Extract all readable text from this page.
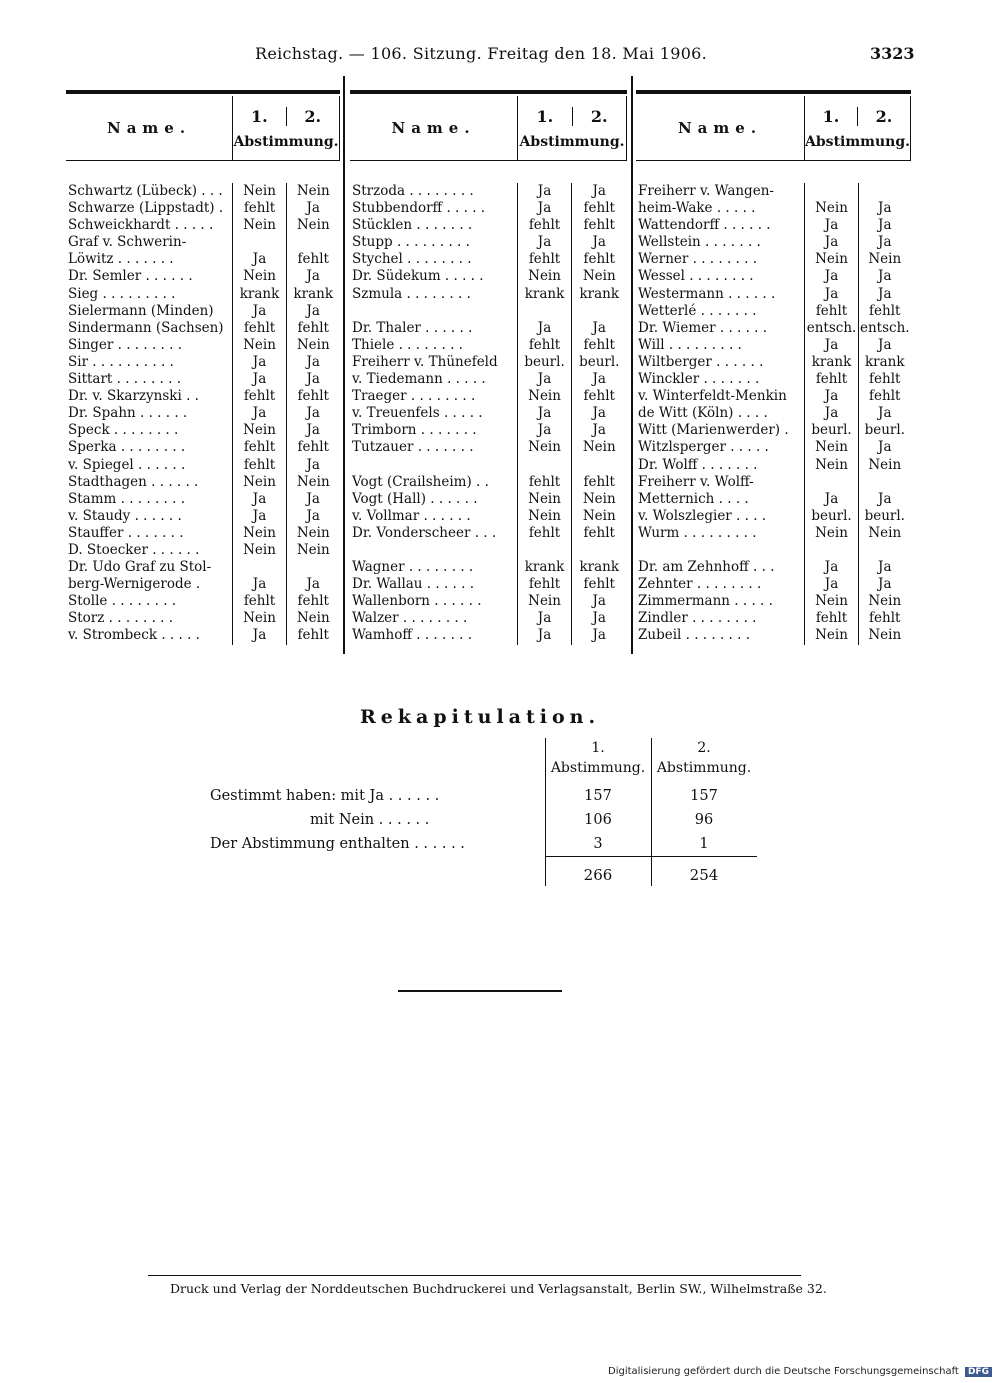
Reichstag. — 106. Sitzung. Freitag den 18. Mai 1906.	3323
Name.	1. 2.
Abstimmung.	

Schwartz (Lübeck) . . .	Nein	Nein
Schwarze (Lippstadt) .	fehlt	Ja
Schweickhardt . . . . .	Nein	Nein
Graf v. Schwerin-		
Löwitz . . . . . . .	Ja	fehlt
Dr. Semler . . . . . .	Nein	Ja
Sieg . . . . . . . . .	krank	krank
Sielermann (Minden)	Ja	Ja
Sindermann (Sachsen)	fehlt	fehlt
Singer . . . . . . . .	Nein	Nein
Sir . . . . . . . . . .	Ja	Ja
Sittart . . . . . . . .	Ja	Ja
Dr. v. Skarzynski . .	fehlt	fehlt
Dr. Spahn . . . . . .	Ja	Ja
Speck . . . . . . . .	Nein	Ja
Sperka . . . . . . . .	fehlt	fehlt
v. Spiegel . . . . . .	fehlt	Ja
Stadthagen . . . . . .	Nein	Nein
Stamm . . . . . . . .	Ja	Ja
v. Staudy . . . . . .	Ja	Ja
Stauffer . . . . . . .	Nein	Nein
D. Stoecker . . . . . .	Nein	Nein
Dr. Udo Graf zu Stol-		
berg-Wernigerode .	Ja	Ja
Stolle . . . . . . . .	fehlt	fehlt
Storz . . . . . . . .	Nein	Nein
v. Strombeck . . . . .	Ja	fehlt
Name.	1. 2.
Abstimmung.	

Strzoda . . . . . . . .	Ja	Ja
Stubbendorff . . . . .	Ja	fehlt
Stücklen . . . . . . .	fehlt	fehlt
Stupp . . . . . . . . .	Ja	Ja
Stychel . . . . . . . .	fehlt	fehlt
Dr. Südekum . . . . .	Nein	Nein
Szmula . . . . . . . .	krank	krank

Dr. Thaler . . . . . .	Ja	Ja
Thiele . . . . . . . .	fehlt	fehlt
Freiherr v. Thünefeld	beurl.	beurl.
v. Tiedemann . . . . .	Ja	Ja
Traeger . . . . . . . .	Nein	fehlt
v. Treuenfels . . . . .	Ja	Ja
Trimborn . . . . . . .	Ja	Ja
Tutzauer . . . . . . .	Nein	Nein

Vogt (Crailsheim) . .	fehlt	fehlt
Vogt (Hall) . . . . . .	Nein	Nein
v. Vollmar . . . . . .	Nein	Nein
Dr. Vonderscheer . . .	fehlt	fehlt

Wagner . . . . . . . .	krank	krank
Dr. Wallau . . . . . .	fehlt	fehlt
Wallenborn . . . . . .	Nein	Ja
Walzer . . . . . . . .	Ja	Ja
Wamhoff . . . . . . .	Ja	Ja
Name.	1. 2.
Abstimmung.	

Freiherr v. Wangen-		
heim-Wake . . . . .	Nein	Ja
Wattendorff . . . . . .	Ja	Ja
Wellstein . . . . . . .	Ja	Ja
Werner . . . . . . . .	Nein	Nein
Wessel . . . . . . . .	Ja	Ja
Westermann . . . . . .	Ja	Ja
Wetterlé . . . . . . .	fehlt	fehlt
Dr. Wiemer . . . . . .	entsch.	entsch.
Will . . . . . . . . .	Ja	Ja
Wiltberger . . . . . .	krank	krank
Winckler . . . . . . .	fehlt	fehlt
v. Winterfeldt-Menkin	Ja	fehlt
de Witt (Köln) . . . .	Ja	Ja
Witt (Marienwerder) .	beurl.	beurl.
Witzlsperger . . . . .	Nein	Ja
Dr. Wolff . . . . . . .	Nein	Nein
Freiherr v. Wolff-		
Metternich . . . .	Ja	Ja
v. Wolszlegier . . . .	beurl.	beurl.
Wurm . . . . . . . . .	Nein	Nein

Dr. am Zehnhoff . . .	Ja	Ja
Zehnter . . . . . . . .	Ja	Ja
Zimmermann . . . . .	Nein	Nein
Zindler . . . . . . . .	fehlt	fehlt
Zubeil . . . . . . . .	Nein	Nein
Rekapitulation.
1.
Abstimmung.
2.
Abstimmung.
Gestimmt haben: mit Ja . . . . . .	157	157
mit Nein . . . . . .	106	96
Der Abstimmung enthalten . . . . . .	3	1
266	254
Druck und Verlag der Norddeutschen Buchdruckerei und Verlagsanstalt, Berlin SW., Wilhelmstraße 32.
Digitalisierung gefördert durch die Deutsche Forschungsgemeinschaft DFG
